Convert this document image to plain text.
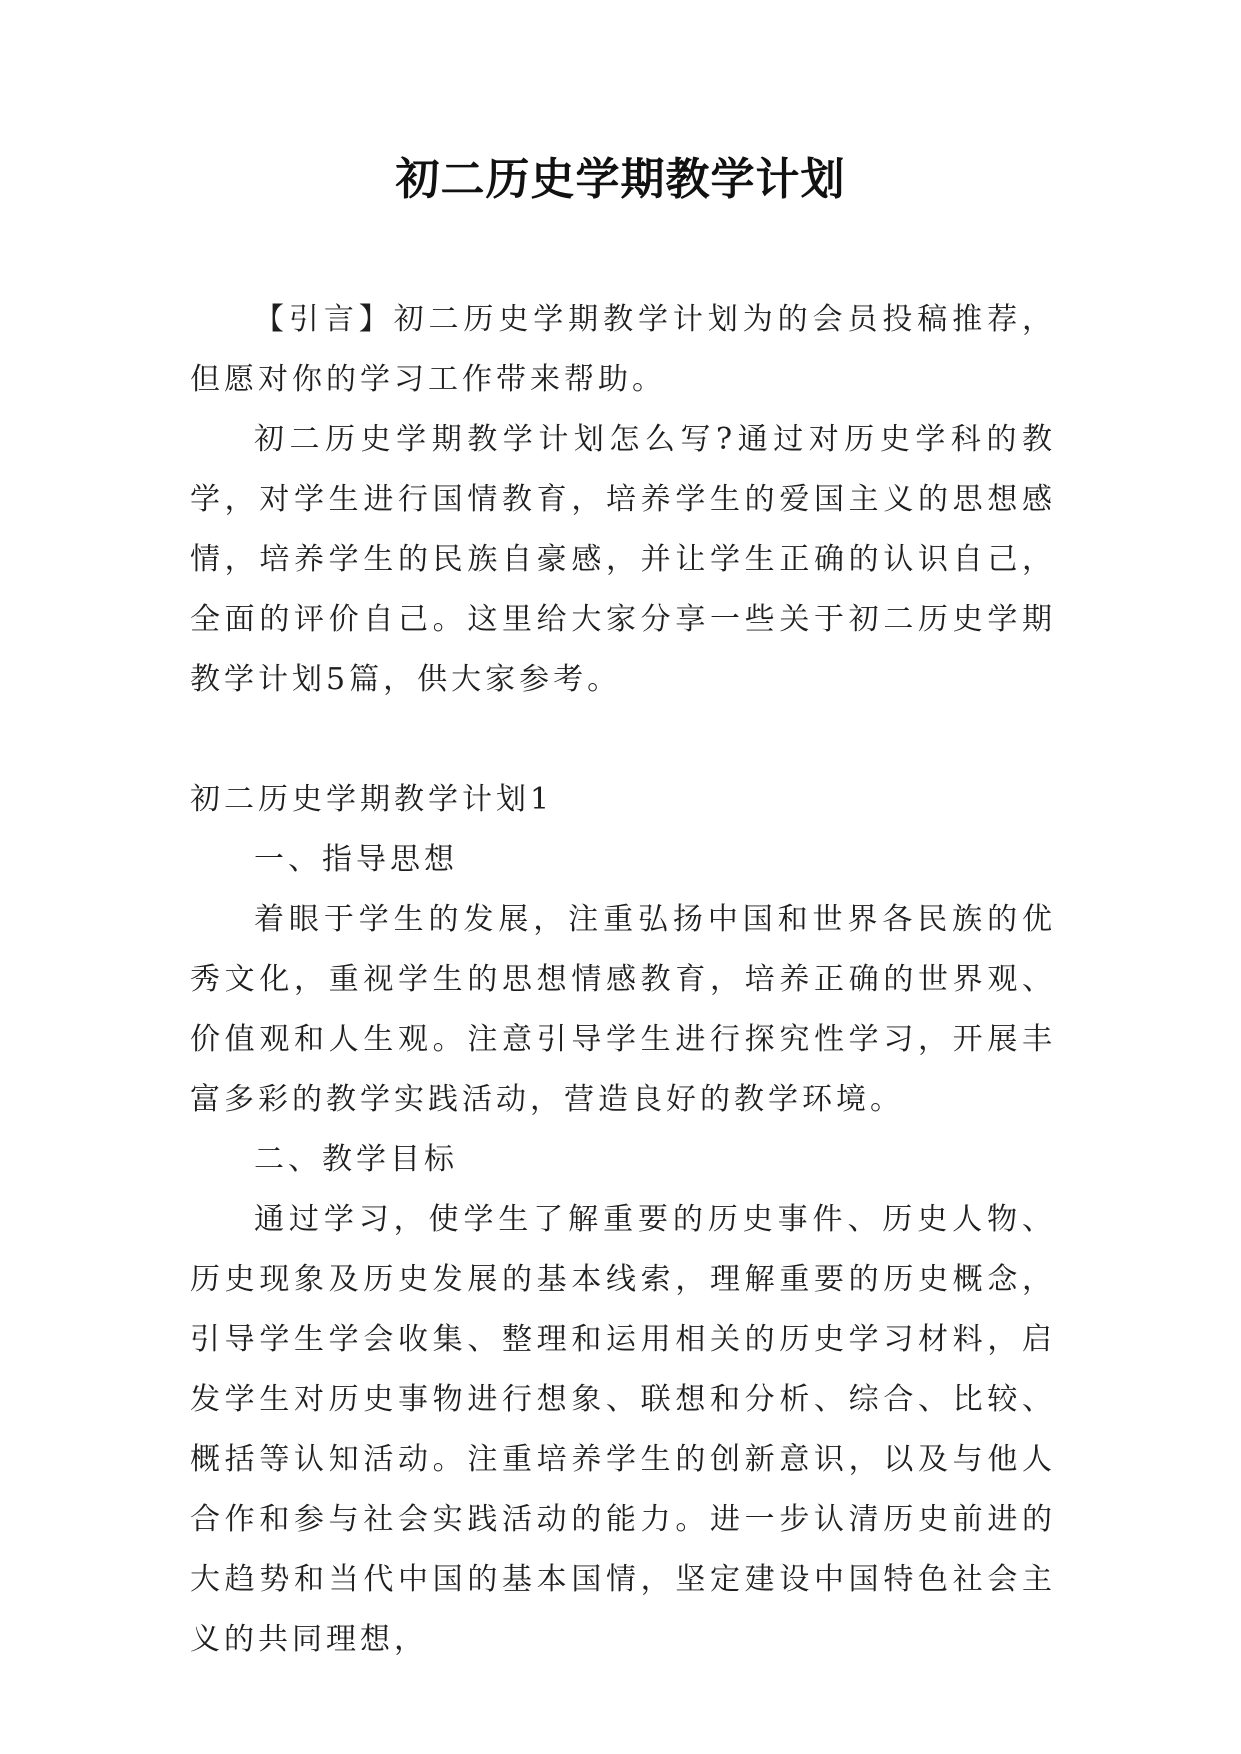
初二历史学期教学计划

【引言】初二历史学期教学计划为的会员投稿推荐，但愿对你的学习工作带来帮助。

初二历史学期教学计划怎么写?通过对历史学科的教学，对学生进行国情教育，培养学生的爱国主义的思想感情，培养学生的民族自豪感，并让学生正确的认识自己，全面的评价自己。这里给大家分享一些关于初二历史学期教学计划5篇，供大家参考。

初二历史学期教学计划1

一、指导思想

着眼于学生的发展，注重弘扬中国和世界各民族的优秀文化，重视学生的思想情感教育，培养正确的世界观、价值观和人生观。注意引导学生进行探究性学习，开展丰富多彩的教学实践活动，营造良好的教学环境。

二、教学目标

通过学习，使学生了解重要的历史事件、历史人物、历史现象及历史发展的基本线索，理解重要的历史概念，引导学生学会收集、整理和运用相关的历史学习材料，启发学生对历史事物进行想象、联想和分析、综合、比较、概括等认知活动。注重培养学生的创新意识，以及与他人合作和参与社会实践活动的能力。进一步认清历史前进的大趋势和当代中国的基本国情，坚定建设中国特色社会主义的共同理想，
